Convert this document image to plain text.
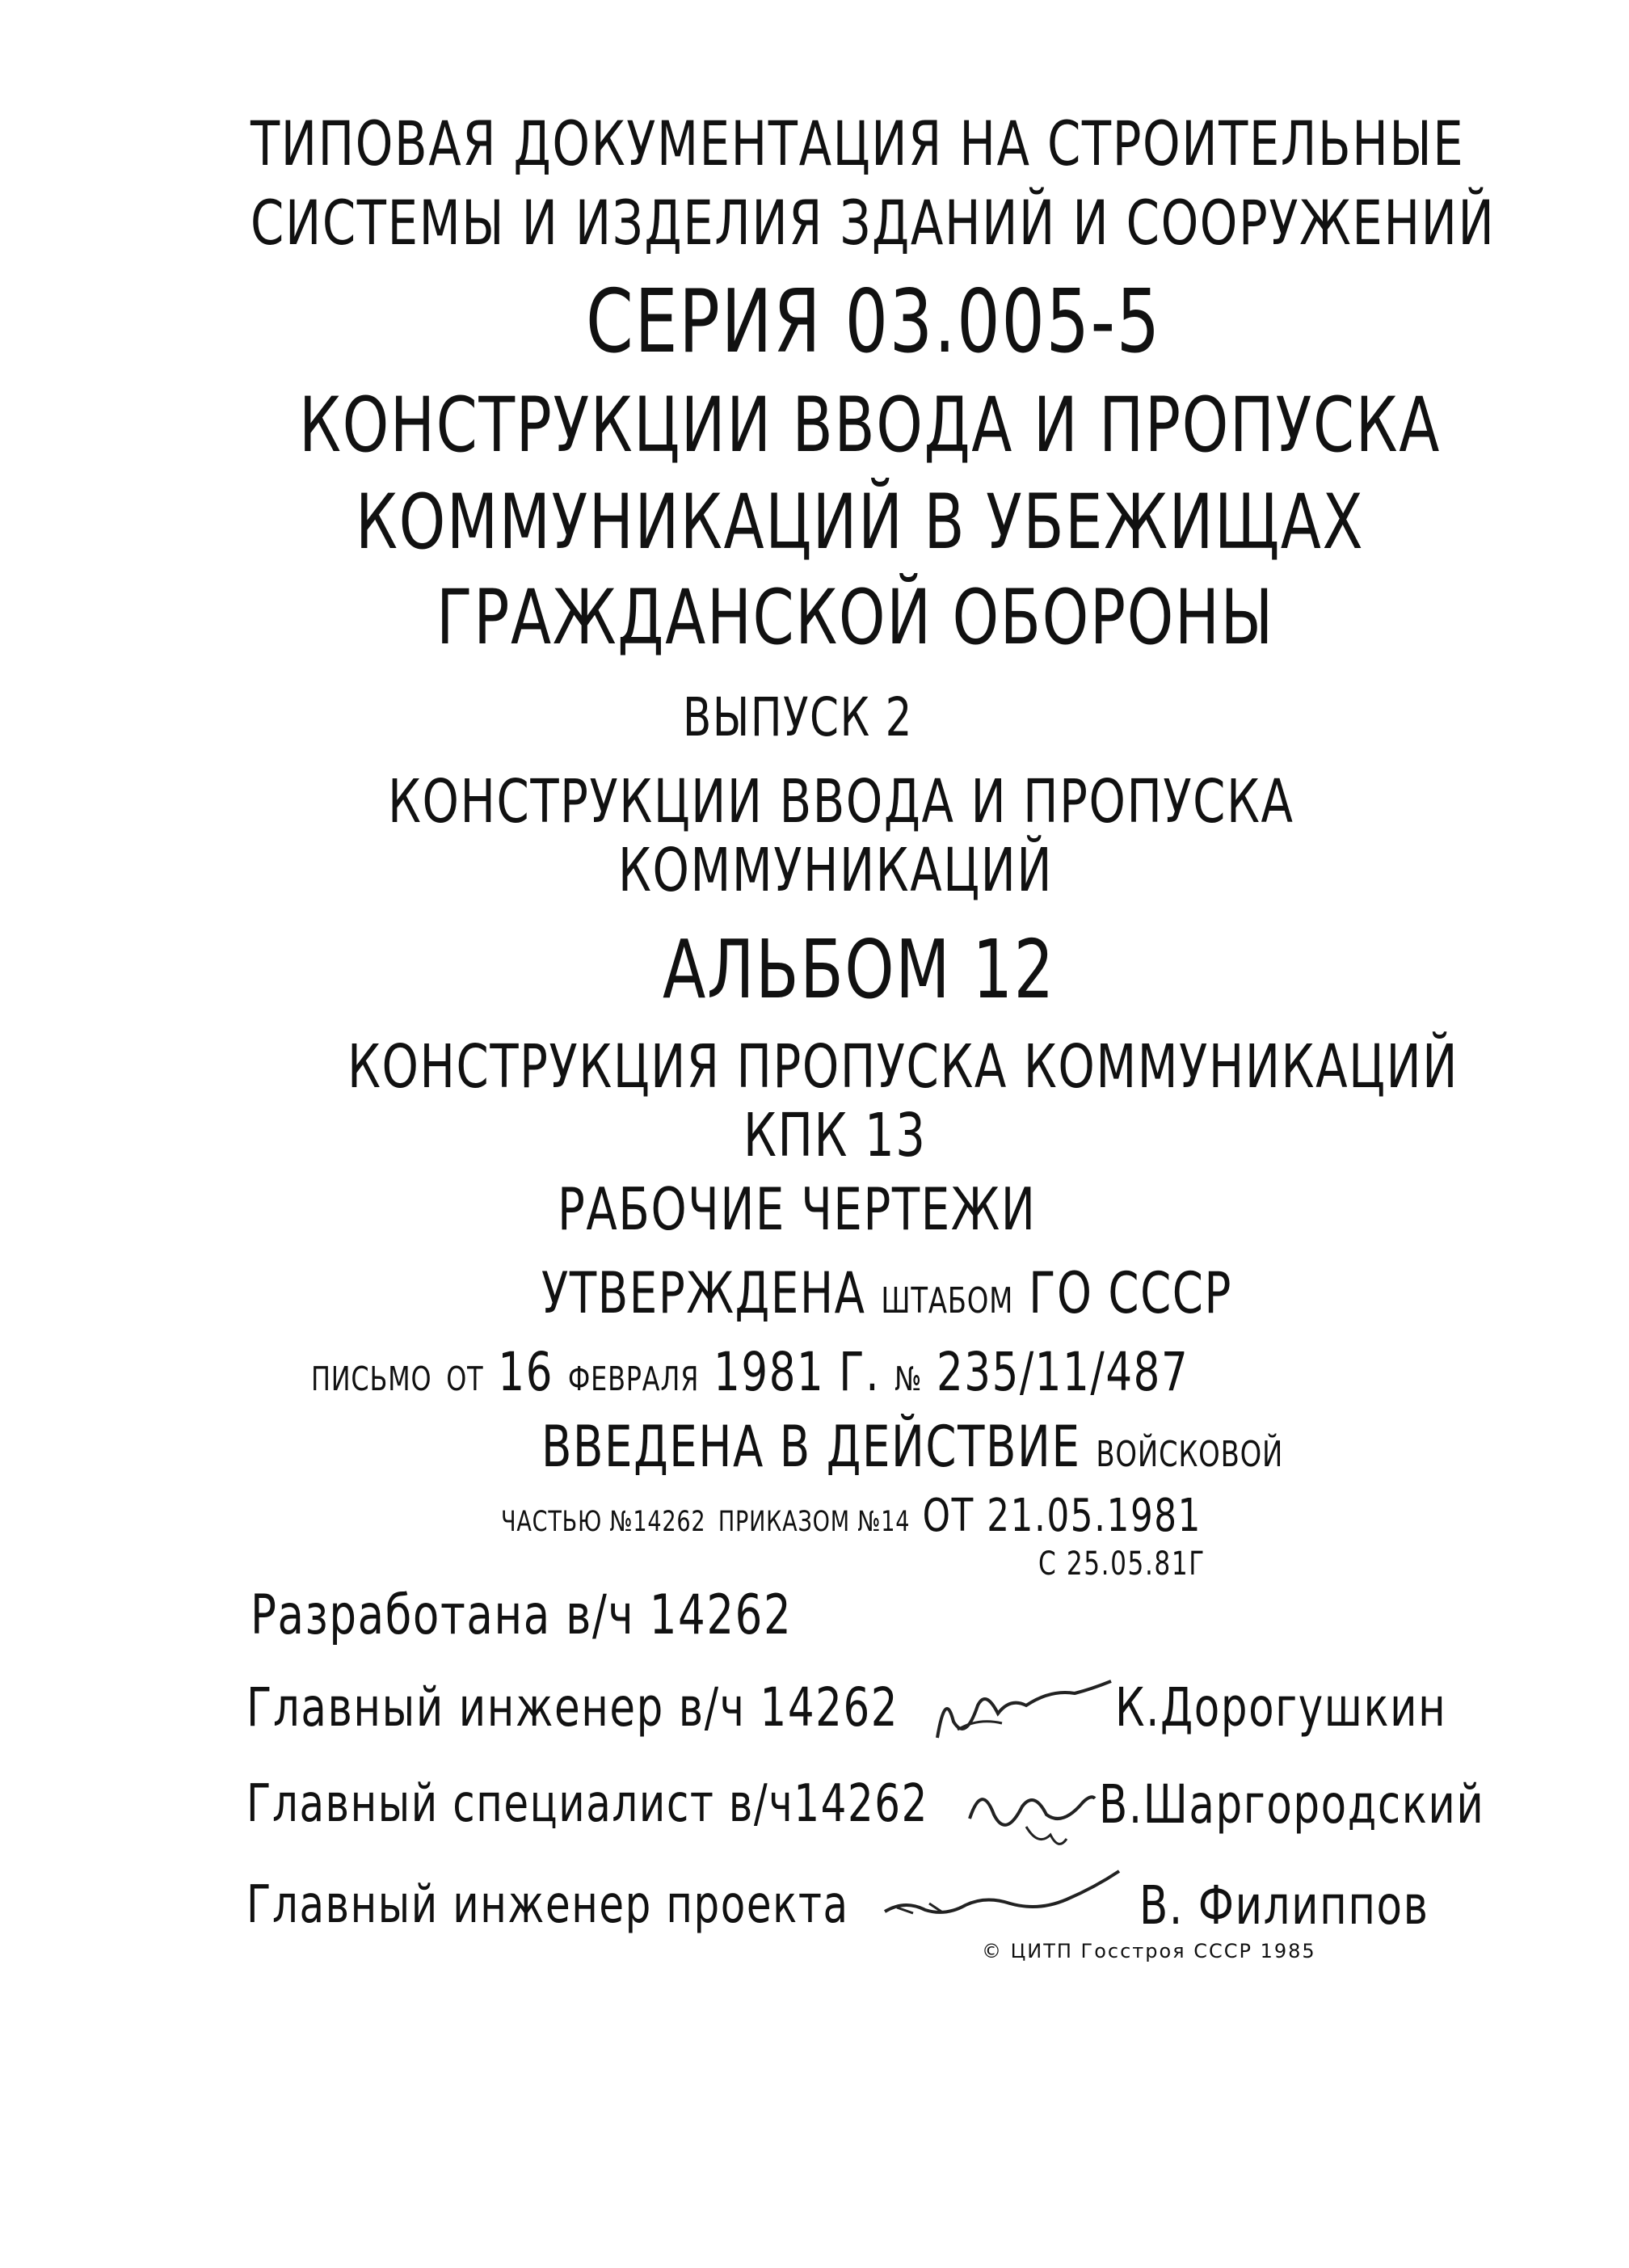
ТИПОВАЯ ДОКУМЕНТАЦИЯ НА СТРОИТЕЛЬНЫЕ
СИСТЕМЫ И ИЗДЕЛИЯ ЗДАНИЙ И СООРУЖЕНИЙ
СЕРИЯ 03.005-5
КОНСТРУКЦИИ ВВОДА И ПРОПУСКА
КОММУНИКАЦИЙ В УБЕЖИЩАХ
ГРАЖДАНСКОЙ ОБОРОНЫ
ВЫПУСК 2
КОНСТРУКЦИИ ВВОДА И ПРОПУСКА
КОММУНИКАЦИЙ
АЛЬБОМ 12
КОНСТРУКЦИЯ ПРОПУСКА КОММУНИКАЦИЙ
КПК 13
РАБОЧИЕ ЧЕРТЕЖИ
УТВЕРЖДЕНА ШТАБОМ ГО СССР
ПИСЬМО ОТ 16 ФЕВРАЛЯ 1981 Г. № 235/11/487
ВВЕДЕНА В ДЕЙСТВИЕ ВОЙСКОВОЙ
ЧАСТЬЮ №14262 ПРИКАЗОМ №14 ОТ 21.05.1981
С 25.05.81Г
Разработана в/ч 14262
Главный инженер в/ч 14262	К.Дорогушкин
Главный специалист в/ч14262	В.Шаргородский
Главный инженер проекта	В. Филиппов
© ЦИТП Госстроя СССР 1985
